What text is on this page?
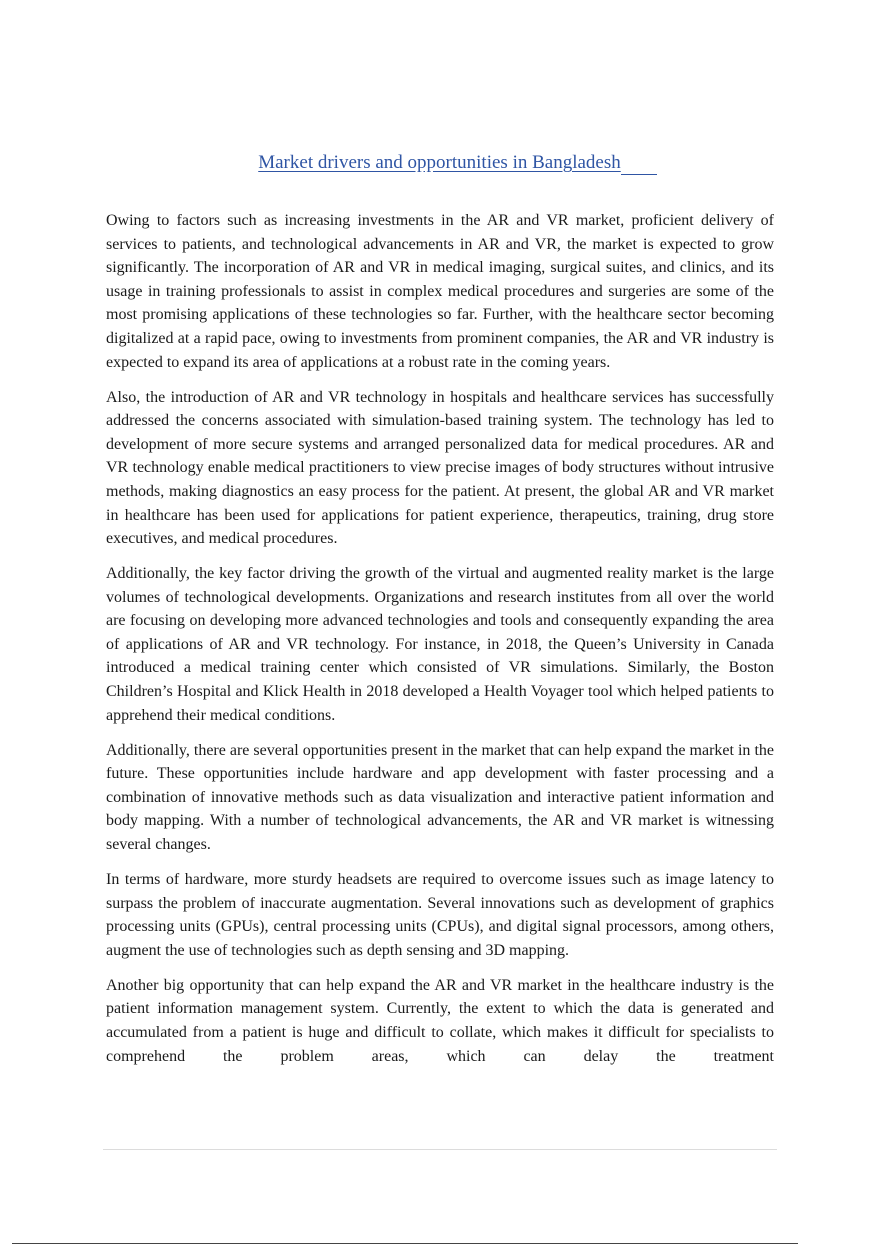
Market drivers and opportunities in Bangladesh

Owing to factors such as increasing investments in the AR and VR market, proficient delivery of services to patients, and technological advancements in AR and VR, the market is expected to grow significantly. The incorporation of AR and VR in medical imaging, surgical suites, and clinics, and its usage in training professionals to assist in complex medical procedures and surgeries are some of the most promising applications of these technologies so far. Further, with the healthcare sector becoming digitalized at a rapid pace, owing to investments from prominent companies, the AR and VR industry is expected to expand its area of applications at a robust rate in the coming years.

Also, the introduction of AR and VR technology in hospitals and healthcare services has successfully addressed the concerns associated with simulation-based training system. The technology has led to development of more secure systems and arranged personalized data for medical procedures. AR and VR technology enable medical practitioners to view precise images of body structures without intrusive methods, making diagnostics an easy process for the patient. At present, the global AR and VR market in healthcare has been used for applications for patient experience, therapeutics, training, drug store executives, and medical procedures.

Additionally, the key factor driving the growth of the virtual and augmented reality market is the large volumes of technological developments. Organizations and research institutes from all over the world are focusing on developing more advanced technologies and tools and consequently expanding the area of applications of AR and VR technology. For instance, in 2018, the Queen’s University in Canada introduced a medical training center which consisted of VR simulations. Similarly, the Boston Children’s Hospital and Klick Health in 2018 developed a Health Voyager tool which helped patients to apprehend their medical conditions.

Additionally, there are several opportunities present in the market that can help expand the market in the future. These opportunities include hardware and app development with faster processing and a combination of innovative methods such as data visualization and interactive patient information and body mapping. With a number of technological advancements, the AR and VR market is witnessing several changes.

In terms of hardware, more sturdy headsets are required to overcome issues such as image latency to surpass the problem of inaccurate augmentation. Several innovations such as development of graphics processing units (GPUs), central processing units (CPUs), and digital signal processors, among others, augment the use of technologies such as depth sensing and 3D mapping.

Another big opportunity that can help expand the AR and VR market in the healthcare industry is the patient information management system. Currently, the extent to which the data is generated and accumulated from a patient is huge and difficult to collate, which makes it difficult for specialists to comprehend the problem areas, which can delay the treatment
